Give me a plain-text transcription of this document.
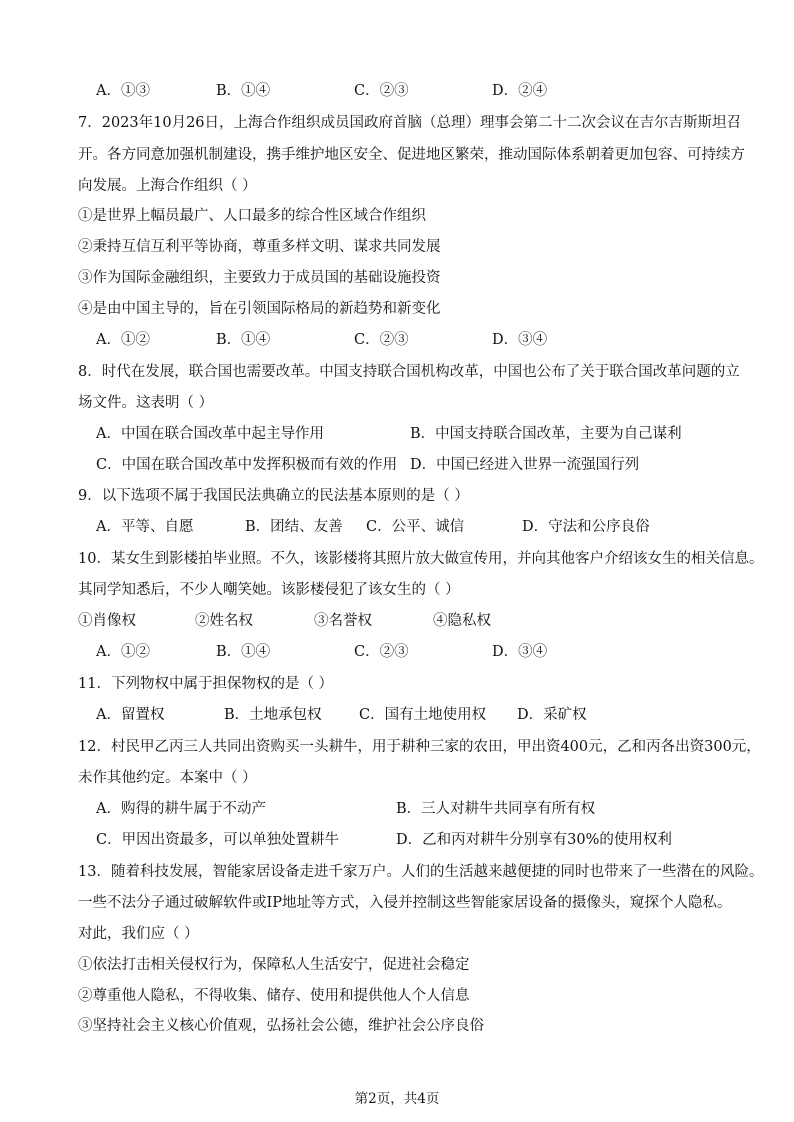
A．①③	B．①④	C．②③	D．②④
7．2023年10月26日，上海合作组织成员国政府首脑（总理）理事会第二十二次会议在吉尔吉斯斯坦召
开。各方同意加强机制建设，携手维护地区安全、促进地区繁荣，推动国际体系朝着更加包容、可持续方
向发展。上海合作组织（ ）
①是世界上幅员最广、人口最多的综合性区域合作组织
②秉持互信互利平等协商，尊重多样文明、谋求共同发展
③作为国际金融组织，主要致力于成员国的基础设施投资
④是由中国主导的，旨在引领国际格局的新趋势和新变化
A．①②	B．①④	C．②③	D．③④
8．时代在发展，联合国也需要改革。中国支持联合国机构改革，中国也公布了关于联合国改革问题的立
场文件。这表明（ ）
A．中国在联合国改革中起主导作用	B．中国支持联合国改革，主要为自己谋利
C．中国在联合国改革中发挥积极而有效的作用 D．中国已经进入世界一流强国行列
9．以下选项不属于我国民法典确立的民法基本原则的是（ ）
A．平等、自愿	B．团结、友善 C．公平、诚信	D．守法和公序良俗
10．某女生到影楼拍毕业照。不久，该影楼将其照片放大做宣传用，并向其他客户介绍该女生的相关信息。
其同学知悉后，不少人嘲笑她。该影楼侵犯了该女生的（ ）
①肖像权	②姓名权	③名誉权	④隐私权
A．①②	B．①④	C．②③	D．③④
11．下列物权中属于担保物权的是（ ）
A．留置权	B．土地承包权	C．国有土地使用权 D．采矿权
12．村民甲乙丙三人共同出资购买一头耕牛，用于耕种三家的农田，甲出资400元，乙和丙各出资300元，
未作其他约定。本案中（ ）
A．购得的耕牛属于不动产	B．三人对耕牛共同享有所有权
C．甲因出资最多，可以单独处置耕牛	D．乙和丙对耕牛分别享有30%的使用权利
13．随着科技发展，智能家居设备走进千家万户。人们的生活越来越便捷的同时也带来了一些潜在的风险。
一些不法分子通过破解软件或IP地址等方式，入侵并控制这些智能家居设备的摄像头，窥探个人隐私。
对此，我们应（ ）
①依法打击相关侵权行为，保障私人生活安宁，促进社会稳定
②尊重他人隐私，不得收集、储存、使用和提供他人个人信息
③坚持社会主义核心价值观，弘扬社会公德，维护社会公序良俗
第2页，共4页
